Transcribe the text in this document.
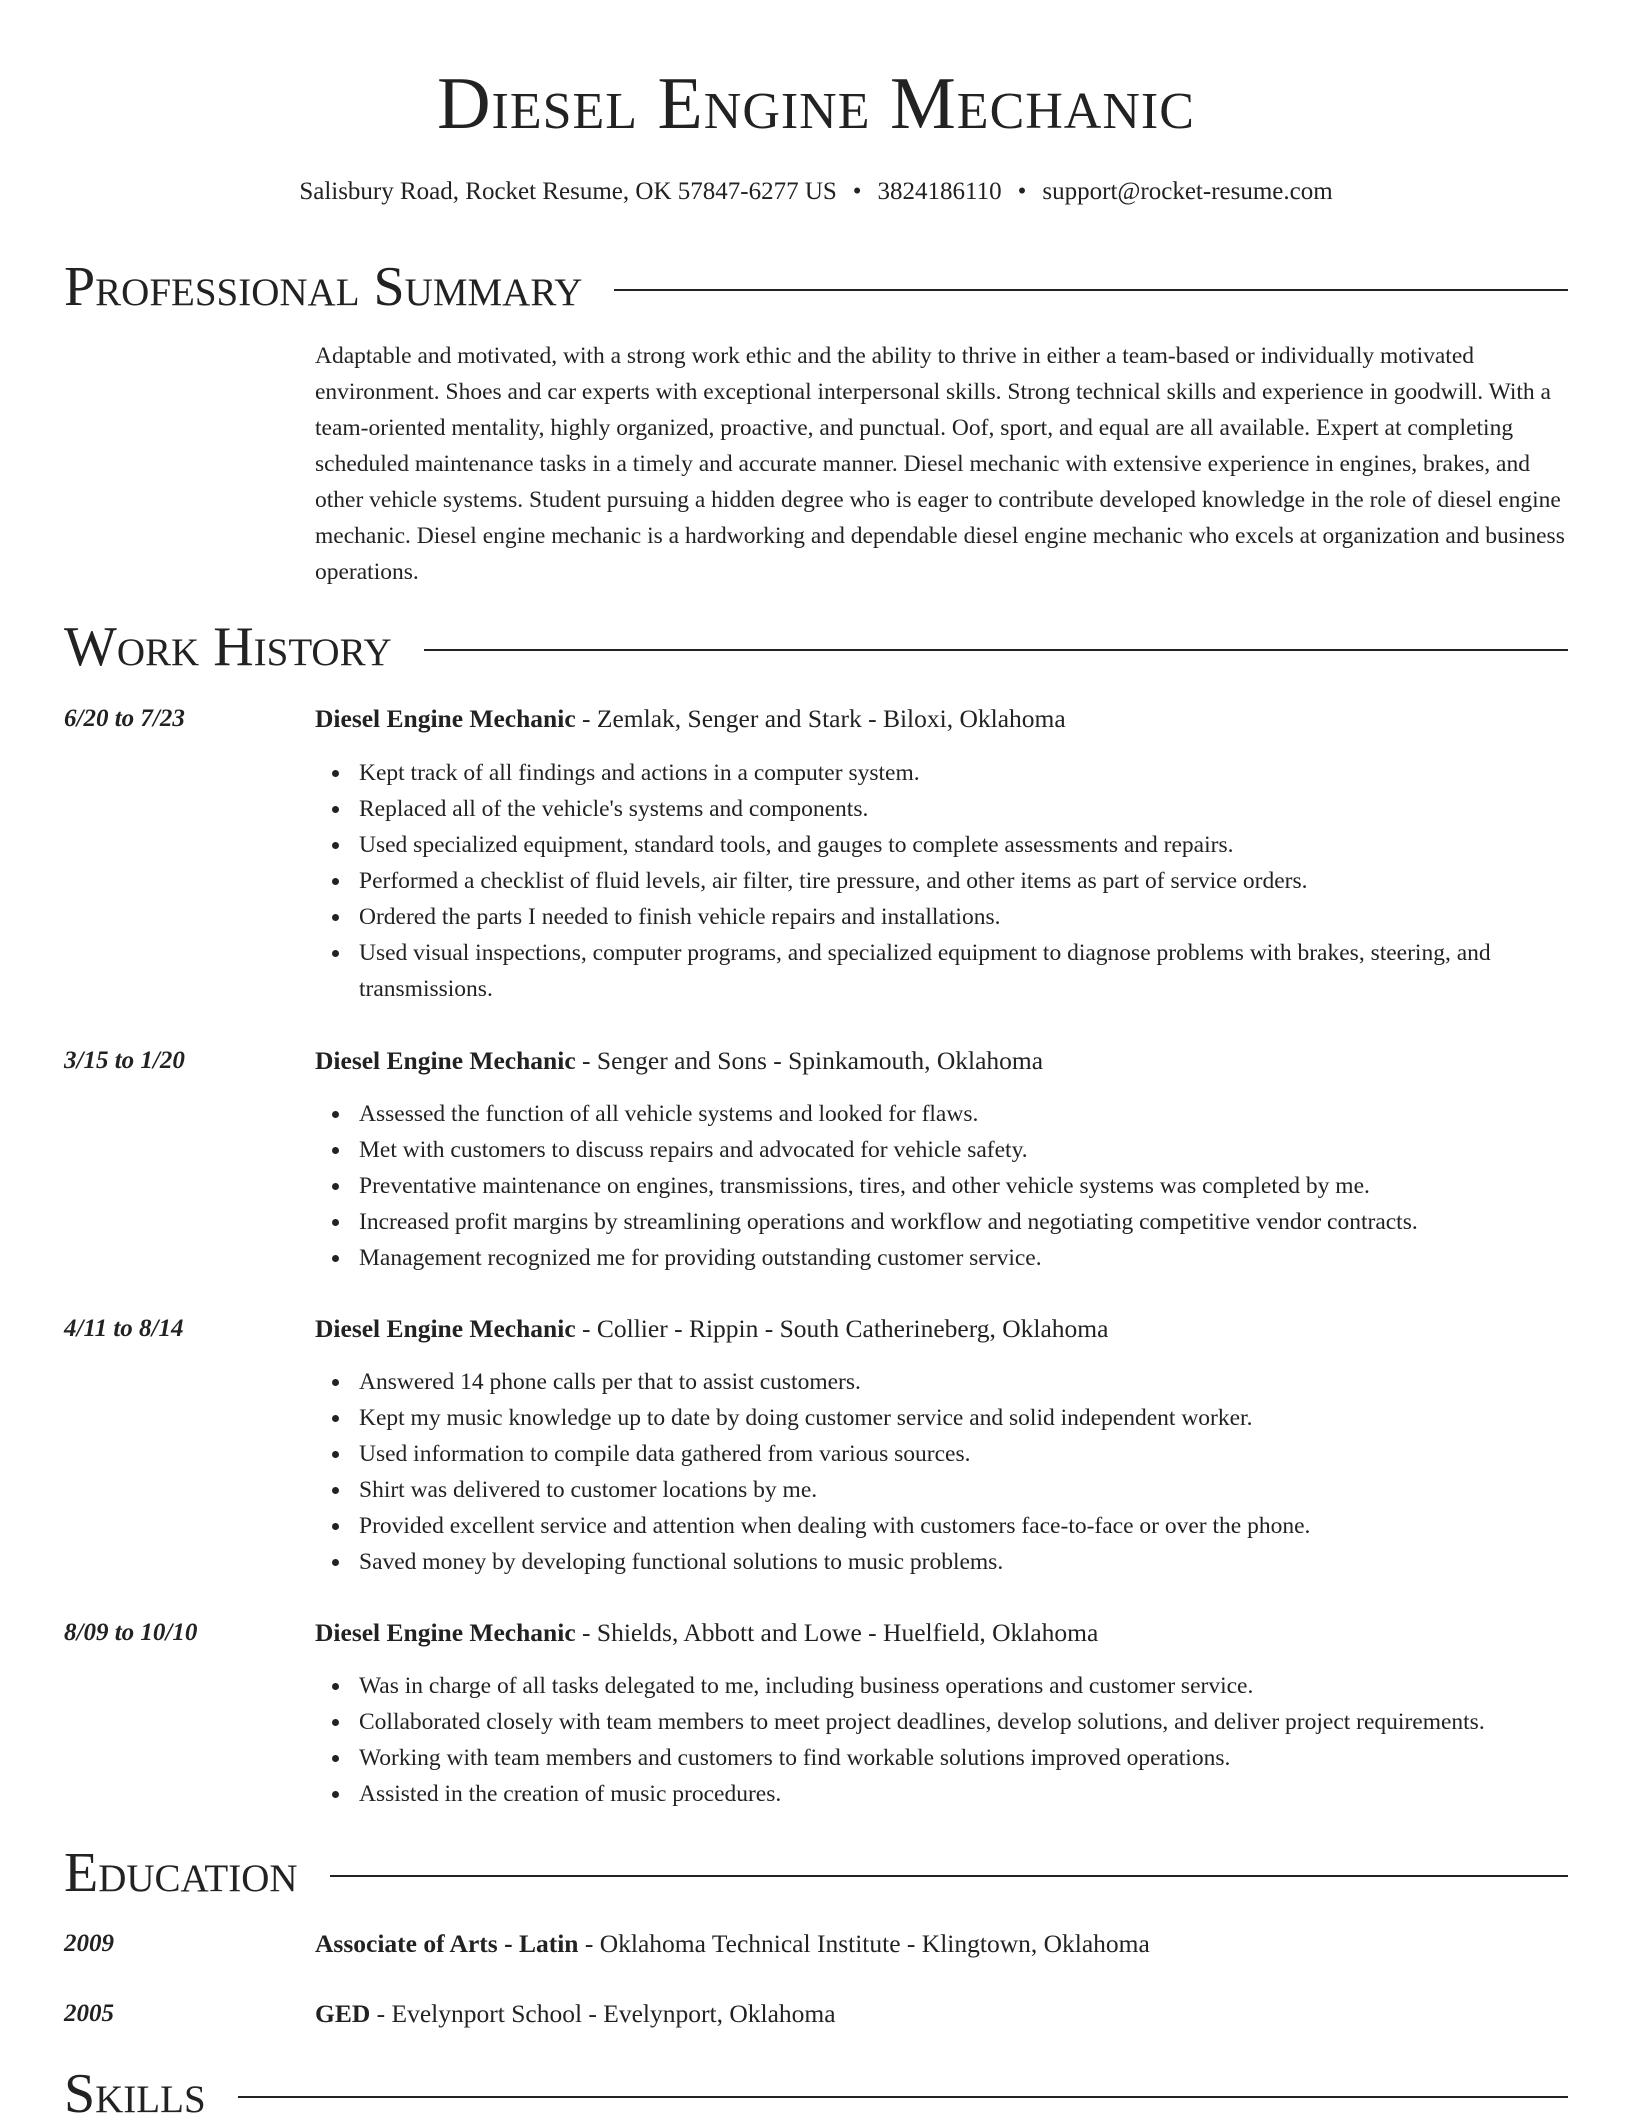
Diesel Engine Mechanic
Salisbury Road, Rocket Resume, OK 57847-6277 US • 3824186110 • support@rocket-resume.com
Professional Summary

Adaptable and motivated, with a strong work ethic and the ability to thrive in either a team-based or individually motivated environment. Shoes and car experts with exceptional interpersonal skills. Strong technical skills and experience in goodwill. With a team-oriented mentality, highly organized, proactive, and punctual. Oof, sport, and equal are all available. Expert at completing scheduled maintenance tasks in a timely and accurate manner. Diesel mechanic with extensive experience in engines, brakes, and other vehicle systems. Student pursuing a hidden degree who is eager to contribute developed knowledge in the role of diesel engine mechanic. Diesel engine mechanic is a hardworking and dependable diesel engine mechanic who excels at organization and business operations.

Work History
6/20 to 7/23	Diesel Engine Mechanic - Zemlak, Senger and Stark - Biloxi, Oklahoma
Kept track of all findings and actions in a computer system.
Replaced all of the vehicle's systems and components.
Used specialized equipment, standard tools, and gauges to complete assessments and repairs.
Performed a checklist of fluid levels, air filter, tire pressure, and other items as part of service orders.
Ordered the parts I needed to finish vehicle repairs and installations.
Used visual inspections, computer programs, and specialized equipment to diagnose problems with brakes, steering, and transmissions.
3/15 to 1/20	Diesel Engine Mechanic - Senger and Sons - Spinkamouth, Oklahoma
Assessed the function of all vehicle systems and looked for flaws.
Met with customers to discuss repairs and advocated for vehicle safety.
Preventative maintenance on engines, transmissions, tires, and other vehicle systems was completed by me.
Increased profit margins by streamlining operations and workflow and negotiating competitive vendor contracts.
Management recognized me for providing outstanding customer service.
4/11 to 8/14	Diesel Engine Mechanic - Collier - Rippin - South Catherineberg, Oklahoma
Answered 14 phone calls per that to assist customers.
Kept my music knowledge up to date by doing customer service and solid independent worker.
Used information to compile data gathered from various sources.
Shirt was delivered to customer locations by me.
Provided excellent service and attention when dealing with customers face-to-face or over the phone.
Saved money by developing functional solutions to music problems.
8/09 to 10/10	Diesel Engine Mechanic - Shields, Abbott and Lowe - Huelfield, Oklahoma
Was in charge of all tasks delegated to me, including business operations and customer service.
Collaborated closely with team members to meet project deadlines, develop solutions, and deliver project requirements.
Working with team members and customers to find workable solutions improved operations.
Assisted in the creation of music procedures.
Education
2009	Associate of Arts - Latin - Oklahoma Technical Institute - Klingtown, Oklahoma
2005	GED - Evelynport School - Evelynport, Oklahoma
Skills
